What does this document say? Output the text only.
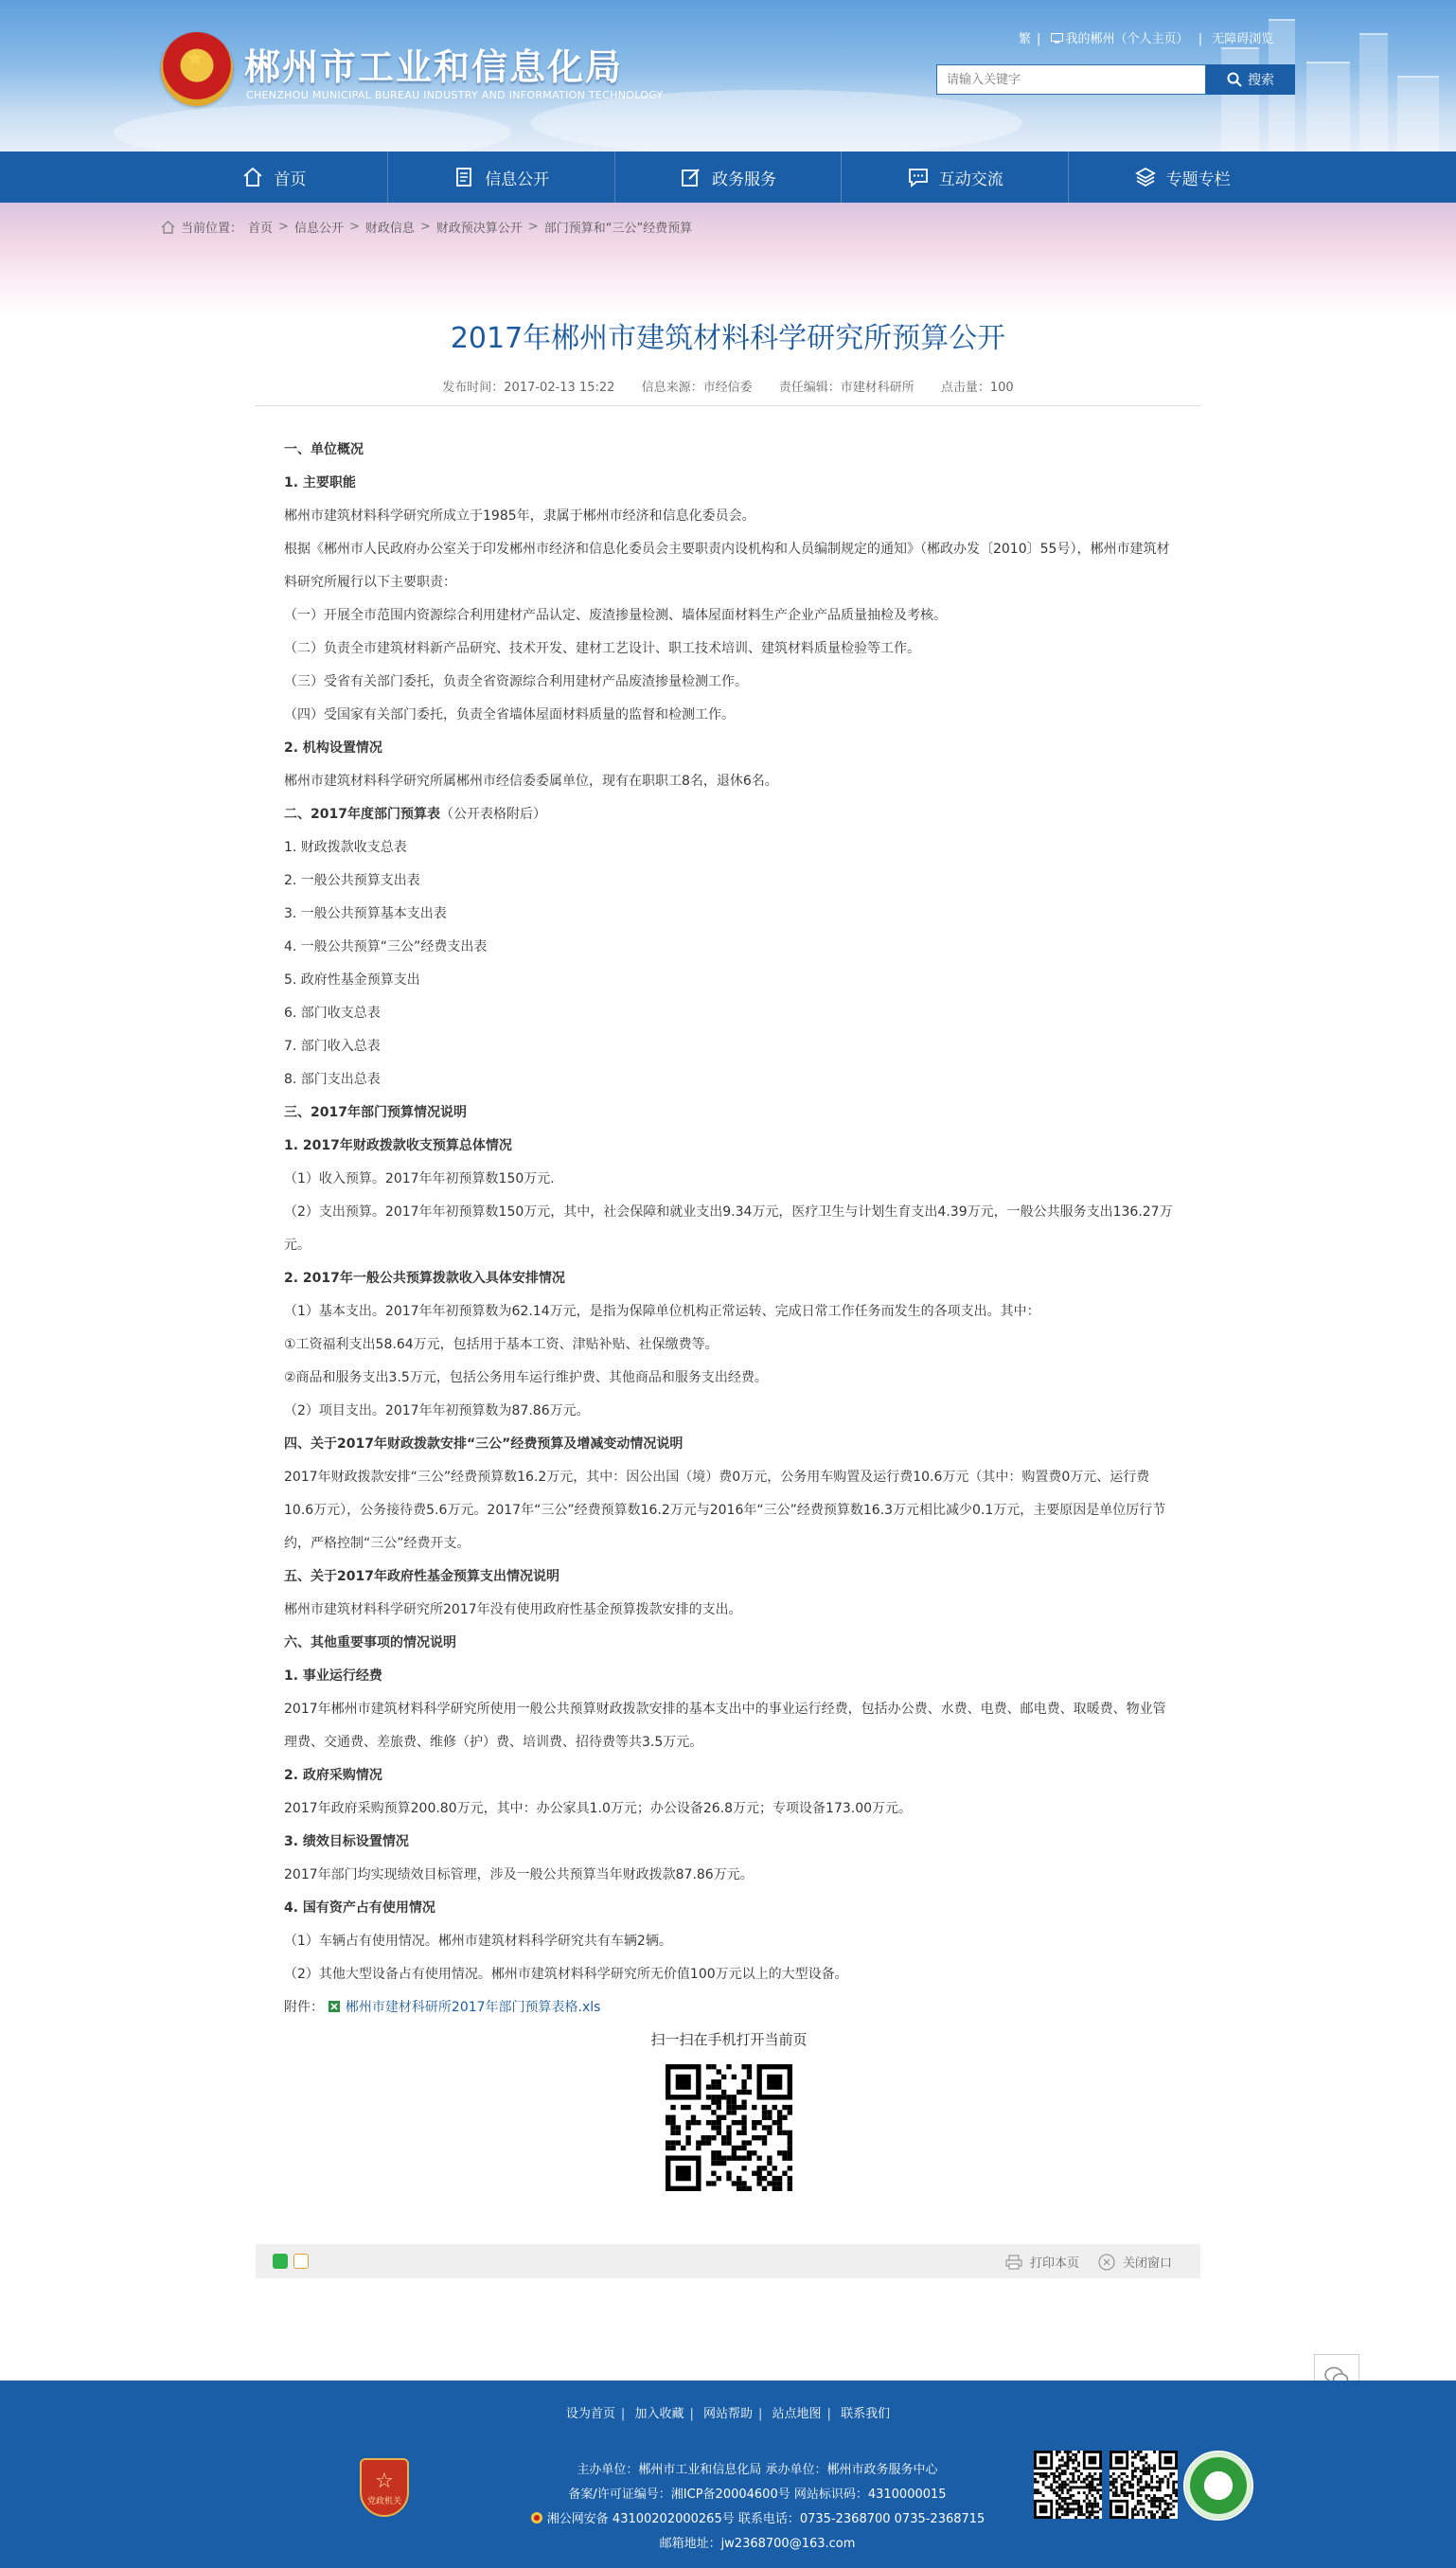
★ 郴州市工业和信息化局
CHENZHOU MUNICIPAL BUREAU INDUSTRY AND INFORMATION TECHNOLOGY
繁 | 我的郴州（个人主页） | 无障碍浏览
请输入关键字
搜索
首页	信息公开	政务服务	互动交流	专题专栏
当前位置： 首页 > 信息公开 > 财政信息 > 财政预决算公开 > 部门预算和“三公”经费预算
2017年郴州市建筑材料科学研究所预算公开
发布时间：2017-02-13 15:22 信息来源：市经信委 责任编辑：市建材科研所 点击量：100

一、单位概况

1. 主要职能

郴州市建筑材料科学研究所成立于1985年，隶属于郴州市经济和信息化委员会。

根据《郴州市人民政府办公室关于印发郴州市经济和信息化委员会主要职责内设机构和人员编制规定的通知》（郴政办发〔2010〕55号），郴州市建筑材料研究所履行以下主要职责：

（一）开展全市范围内资源综合利用建材产品认定、废渣掺量检测、墙体屋面材料生产企业产品质量抽检及考核。

（二）负责全市建筑材料新产品研究、技术开发、建材工艺设计、职工技术培训、建筑材料质量检验等工作。

（三）受省有关部门委托，负责全省资源综合利用建材产品废渣掺量检测工作。

（四）受国家有关部门委托，负责全省墙体屋面材料质量的监督和检测工作。

2. 机构设置情况

郴州市建筑材料科学研究所属郴州市经信委委属单位，现有在职职工8名，退休6名。

二、2017年度部门预算表（公开表格附后）

1. 财政拨款收支总表

2. 一般公共预算支出表

3. 一般公共预算基本支出表

4. 一般公共预算“三公”经费支出表

5. 政府性基金预算支出

6. 部门收支总表

7. 部门收入总表

8. 部门支出总表

三、2017年部门预算情况说明

1. 2017年财政拨款收支预算总体情况

（1）收入预算。2017年年初预算数150万元.

（2）支出预算。2017年年初预算数150万元，其中，社会保障和就业支出9.34万元，医疗卫生与计划生育支出4.39万元，一般公共服务支出136.27万元。

2. 2017年一般公共预算拨款收入具体安排情况

（1）基本支出。2017年年初预算数为62.14万元，是指为保障单位机构正常运转、完成日常工作任务而发生的各项支出。其中：

①工资福利支出58.64万元，包括用于基本工资、津贴补贴、社保缴费等。

②商品和服务支出3.5万元，包括公务用车运行维护费、其他商品和服务支出经费。

（2）项目支出。2017年年初预算数为87.86万元。

四、关于2017年财政拨款安排“三公”经费预算及增减变动情况说明

2017年财政拨款安排“三公”经费预算数16.2万元，其中：因公出国（境）费0万元，公务用车购置及运行费10.6万元（其中：购置费0万元、运行费10.6万元），公务接待费5.6万元。2017年“三公”经费预算数16.2万元与2016年“三公”经费预算数16.3万元相比减少0.1万元，主要原因是单位厉行节约，严格控制“三公”经费开支。

五、关于2017年政府性基金预算支出情况说明

郴州市建筑材料科学研究所2017年没有使用政府性基金预算拨款安排的支出。

六、其他重要事项的情况说明

1. 事业运行经费

2017年郴州市建筑材料科学研究所使用一般公共预算财政拨款安排的基本支出中的事业运行经费，包括办公费、水费、电费、邮电费、取暖费、物业管理费、交通费、差旅费、维修（护）费、培训费、招待费等共3.5万元。

2. 政府采购情况

2017年政府采购预算200.80万元，其中：办公家具1.0万元；办公设备26.8万元；专项设备173.00万元。

3. 绩效目标设置情况

2017年部门均实现绩效目标管理，涉及一般公共预算当年财政拨款87.86万元。

4. 国有资产占有使用情况

（1）车辆占有使用情况。郴州市建筑材料科学研究共有车辆2辆。

（2）其他大型设备占有使用情况。郴州市建筑材料科学研究所无价值100万元以上的大型设备。

附件： 郴州市建材科研所2017年部门预算表格.xls

扫一扫在手机打开当前页
打印本页	关闭窗口
设为首页 | 加入收藏 | 网站帮助 | 站点地图 | 联系我们
☆
党政机关
主办单位：郴州市工业和信息化局 承办单位：郴州市政务服务中心
备案/许可证编号：湘ICP备20004600号 网站标识码：4310000015
湘公网安备 43100202000265号 联系电话：0735-2368700 0735-2368715
邮箱地址：jw2368700@163.com
